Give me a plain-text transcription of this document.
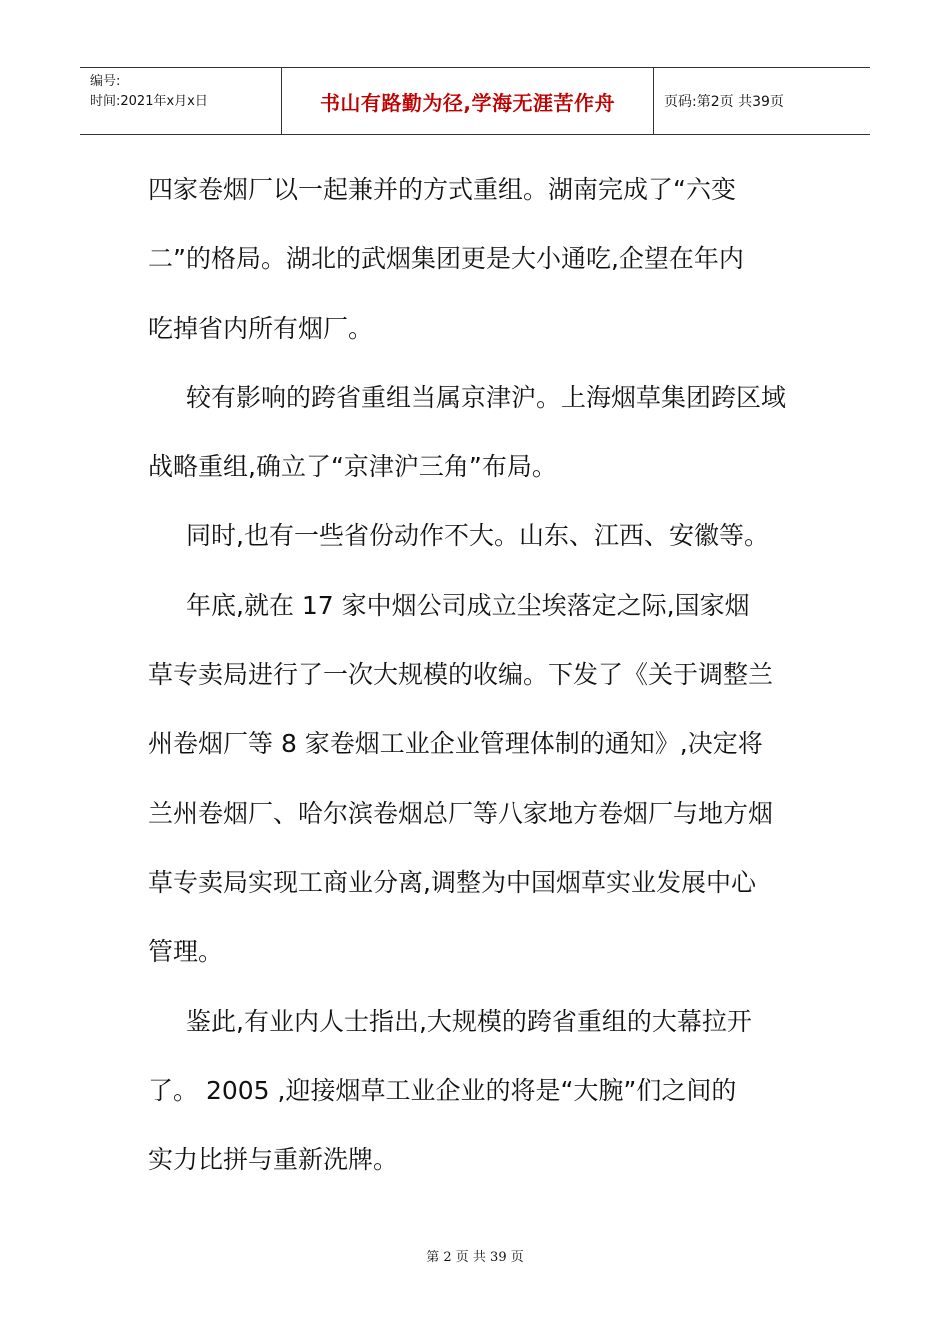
编号:
时间:2021年x月x日	书山有路勤为径,学海无涯苦作舟	页码:第2页 共39页
四家卷烟厂以一起兼并的方式重组。湖南完成了“六变
二”的格局。湖北的武烟集团更是大小通吃,企望在年内
吃掉省内所有烟厂。
较有影响的跨省重组当属京津沪。上海烟草集团跨区域
战略重组,确立了“京津沪三角”布局。
同时,也有一些省份动作不大。山东、江西、安徽等。
年底,就在 17 家中烟公司成立尘埃落定之际,国家烟
草专卖局进行了一次大规模的收编。下发了《关于调整兰
州卷烟厂等 8 家卷烟工业企业管理体制的通知》,决定将
兰州卷烟厂、哈尔滨卷烟总厂等八家地方卷烟厂与地方烟
草专卖局实现工商业分离,调整为中国烟草实业发展中心
管理。
鉴此,有业内人士指出,大规模的跨省重组的大幕拉开
了。 2005 ,迎接烟草工业企业的将是“大腕”们之间的
实力比拼与重新洗牌。
第 2 页 共 39 页
